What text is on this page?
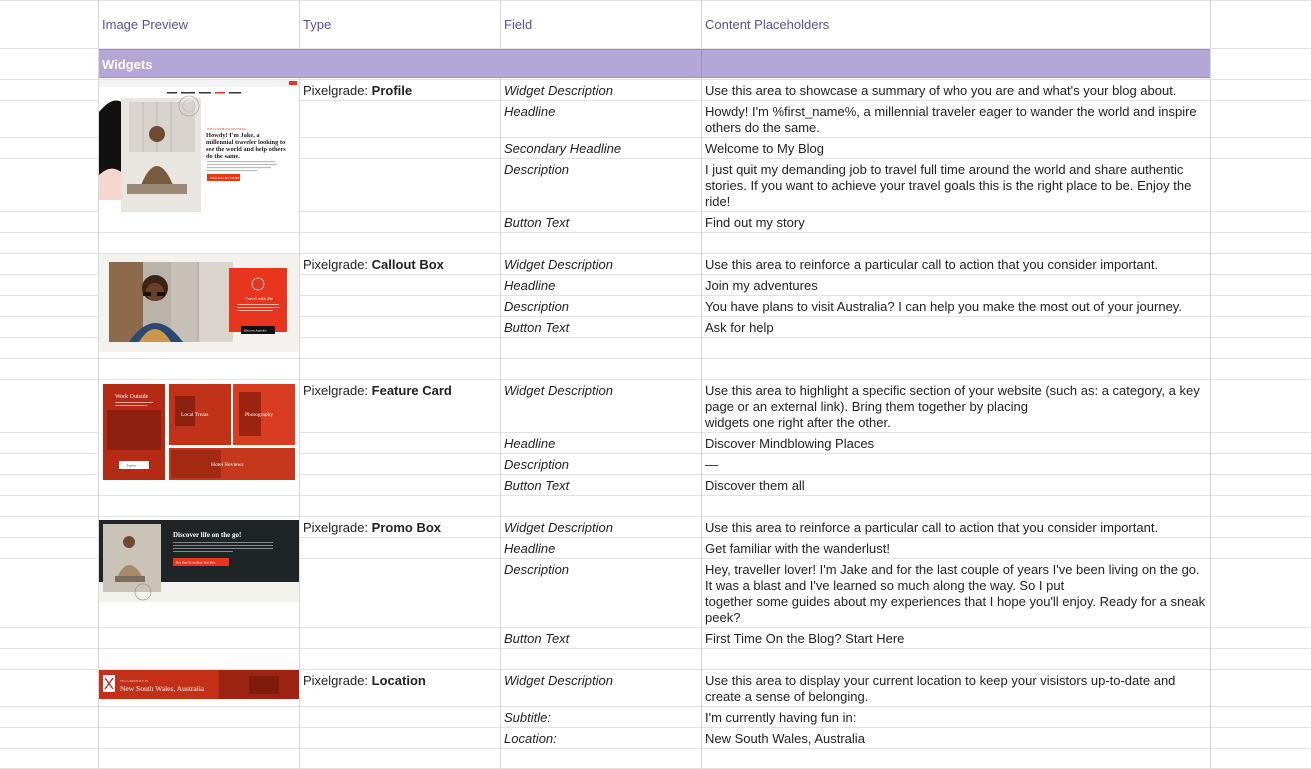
Image Preview	Type	Field	Content Placeholders
Widgets
WELCOME TO MY BLOG
Howdy! I'm Jake, a millennial traveler looking to see the world and help others do the same.
FIND OUT MY STORY
Pixelgrade: Profile	Widget Description	Use this area to showcase a summary of who you are and what's your blog about.
Headline	Howdy! I'm %first_name%, a millennial traveler eager to wander the world and inspire others do the same.
Secondary Headline	Welcome to My Blog
Description	I just quit my demanding job to travel full time around the world and share authentic stories. If you want to achieve your travel goals this is the right place to be. Enjoy the ride!
Button Text	Find out my story
Travel with Me
Discover Australia
Pixelgrade: Callout Box	Widget Description	Use this area to reinforce a particular call to action that you consider important.
Headline	Join my adventures
Description	You have plans to visit Australia? I can help you make the most out of your journey.
Button Text	Ask for help
Work Outside
Explore
Local Treats	Photography
Hotel Reviews
Pixelgrade: Feature Card	Widget Description	Use this area to highlight a specific section of your website (such as: a category, a key page or an external link). Bring them together by placing
widgets one right after the other.
Headline	Discover Mindblowing Places
Description	—
Button Text	Discover them all
Discover life on the go!
First Time On the Blog? Start Here
Pixelgrade: Promo Box	Widget Description	Use this area to reinforce a particular call to action that you consider important.
Headline	Get familiar with the wanderlust!
Description	Hey, traveller lover! I'm Jake and for the last couple of years I've been living on the go. It was a blast and I've learned so much along the way. So I put
together some guides about my experiences that I hope you'll enjoy. Ready for a sneak peek?
Button Text	First Time On the Blog? Start Here
I'M CURRENTLY IN
New South Wales, Australia
Pixelgrade: Location	Widget Description	Use this area to display your current location to keep your visistors up-to-date and create a sense of belonging.
Subtitle:	I'm currently having fun in:
Location:	New South Wales, Australia
